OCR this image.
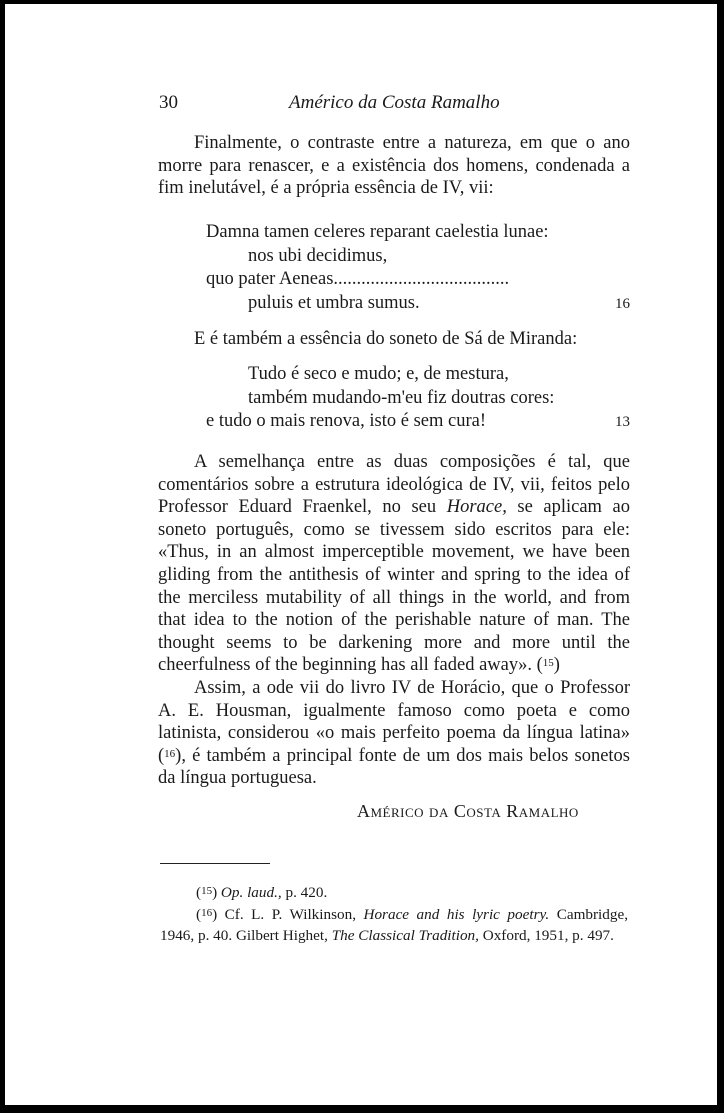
30	Américo da Costa Ramalho

Finalmente, o contraste entre a natureza, em que o ano morre para renascer, e a existência dos homens, condenada a fim inelutável, é a própria essência de IV, vii:

Damna tamen celeres reparant caelestia lunae:
nos ubi decidimus,
quo pater Aeneas......................................
puluis et umbra sumus.	16

E é também a essência do soneto de Sá de Miranda:

Tudo é seco e mudo; e, de mestura,
também mudando-m'eu fiz doutras cores:
e tudo o mais renova, isto é sem cura!	13

A semelhança entre as duas composições é tal, que comentários sobre a estrutura ideológica de IV, vii, feitos pelo Professor Eduard Fraenkel, no seu Horace, se aplicam ao soneto português, como se tivessem sido escritos para ele: «Thus, in an almost imperceptible movement, we have been gliding from the antithesis of winter and spring to the idea of the merciless mutability of all things in the world, and from that idea to the notion of the perishable nature of man. The thought seems to be darkening more and more until the cheerfulness of the beginning has all faded away». ($^{15}$)

Assim, a ode vii do livro IV de Horácio, que o Professor A. E. Housman, igualmente famoso como poeta e como latinista, considerou «o mais perfeito poema da língua latina» ($^{16}$), é também a principal fonte de um dos mais belos sonetos da língua portuguesa.

Américo da Costa Ramalho

(15) Op. laud., p. 420.

(16) Cf. L. P. Wilkinson, Horace and his lyric poetry. Cambridge, 1946, p. 40. Gilbert Highet, The Classical Tradition, Oxford, 1951, p. 497.
